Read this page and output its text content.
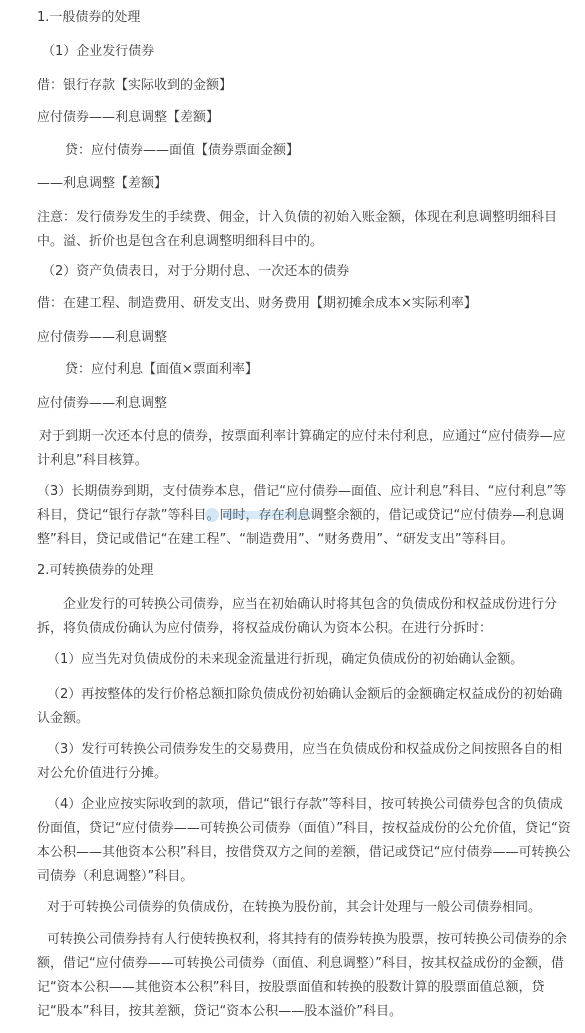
1.一般债券的处理
（1）企业发行债券
借：银行存款【实际收到的金额】
应付债券——利息调整【差额】
贷：应付债券——面值【债券票面金额】
——利息调整【差额】
注意：发行债券发生的手续费、佣金，计入负债的初始入账金额，体现在利息调整明细科目中。溢、折价也是包含在利息调整明细科目中的。
（2）资产负债表日，对于分期付息、一次还本的债券
借：在建工程、制造费用、研发支出、财务费用【期初摊余成本×实际利率】
应付债券——利息调整
贷：应付利息【面值×票面利率】
应付债券——利息调整
对于到期一次还本付息的债券，按票面利率计算确定的应付未付利息，应通过“应付债券—应计利息”科目核算。
（3）长期债券到期，支付债券本息，借记“应付债券—面值、应计利息”科目、“应付利息”等科目，贷记“银行存款”等科目。同时，存在利息调整余额的，借记或贷记“应付债券—利息调整”科目，贷记或借记“在建工程”、“制造费用”、“财务费用”、“研发支出”等科目。
2.可转换债券的处理
企业发行的可转换公司债券，应当在初始确认时将其包含的负债成份和权益成份进行分拆，将负债成份确认为应付债券，将权益成份确认为资本公积。在进行分拆时：
（1）应当先对负债成份的未来现金流量进行折现，确定负债成份的初始确认金额。
（2）再按整体的发行价格总额扣除负债成份初始确认金额后的金额确定权益成份的初始确认金额。
（3）发行可转换公司债券发生的交易费用，应当在负债成份和权益成份之间按照各自的相对公允价值进行分摊。
（4）企业应按实际收到的款项，借记“银行存款”等科目，按可转换公司债券包含的负债成份面值，贷记“应付债券——可转换公司债券（面值）”科目，按权益成份的公允价值，贷记“资本公积——其他资本公积”科目，按借贷双方之间的差额，借记或贷记“应付债券——可转换公司债券（利息调整）”科目。
对于可转换公司债券的负债成份，在转换为股份前，其会计处理与一般公司债券相同。
可转换公司债券持有人行使转换权利，将其持有的债券转换为股票，按可转换公司债券的余额，借记“应付债券——可转换公司债券（面值、利息调整）”科目，按其权益成份的金额，借记“资本公积——其他资本公积”科目，按股票面值和转换的股数计算的股票面值总额，贷记“股本”科目，按其差额，贷记“资本公积——股本溢价”科目。
